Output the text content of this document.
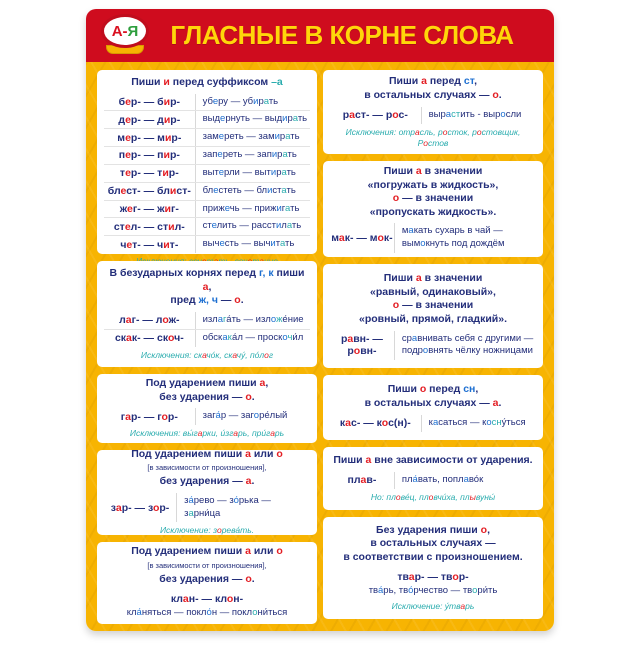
А - Я	ГЛАСНЫЕ В КОРНЕ СЛОВА
Пиши и перед суффиксом –а
бер- — бир-	уберу — убирать
дер- — дир-	выдернуть — выдирать
мер- — мир-	замереть — замирать
пер- — пир-	запереть — запирать
тер- — тир-	вытерли — вытирать
блест- — блист-	блестеть — блистать
жег- — жиг-	прижечь — прижигать
стел- — стил-	стелить — расстилать
чет- — чит-	вычесть — вычитать

В безударных корнях перед г, к пиши а,
пред ж, ч — о.
лаг- — лож-	излага́ть — изложе́ние
скак- — скоч-	обскака́л — проскочи́л

Исключения: скачо́к, скачу́, по́лог

Под ударением пиши а,
без ударения — о.
гар- — гор-	зага́р — загоре́лый

Исключения: вы́гарки, и́згарь, при́гарь

Под ударением пиши а или о
[в зависимости от произношения],
без ударения — а.
зар- — зор-
за́рево — зо́рька — зарни́ца

Исключение: зорева́ть.

Под ударением пиши а или о
[в зависимости от произношения],
без ударения — о.
клан- — клон-
кла́няться — покло́н — поклони́ться
Пиши а перед ст,
в остальных случаях — о.
раст- — рос-	вырастить - выросли

Исключения: отрасль, росток, ростовщик, Ростов

Пиши а в значении
«погружать в жидкость»,
о — в значении
«пропускать жидкость».
мак- — мок-
макать сухарь в чай —
вымокнуть под дождём
Пиши а в значении
«равный, одинаковый»,
о — в значении
«ровный, прямой, гладкий».
равн- — ровн-
сравнивать себя с другими —
подровнять чёлку ножницами
Пиши о перед сн,
в остальных случаях — а.
кас- — кос(н)-	касаться — косну́ться
Пиши а вне зависимости от ударения.
плав-	пла́вать, поплаво́к

Но: плове́ц, пловчи́ха, плывуны́

Без ударения пиши о,
в остальных случаях —
в соответствии с произношением.
твар- — твор-
тва́рь, тво́рчество — твори́ть

Исключение: у́тварь
